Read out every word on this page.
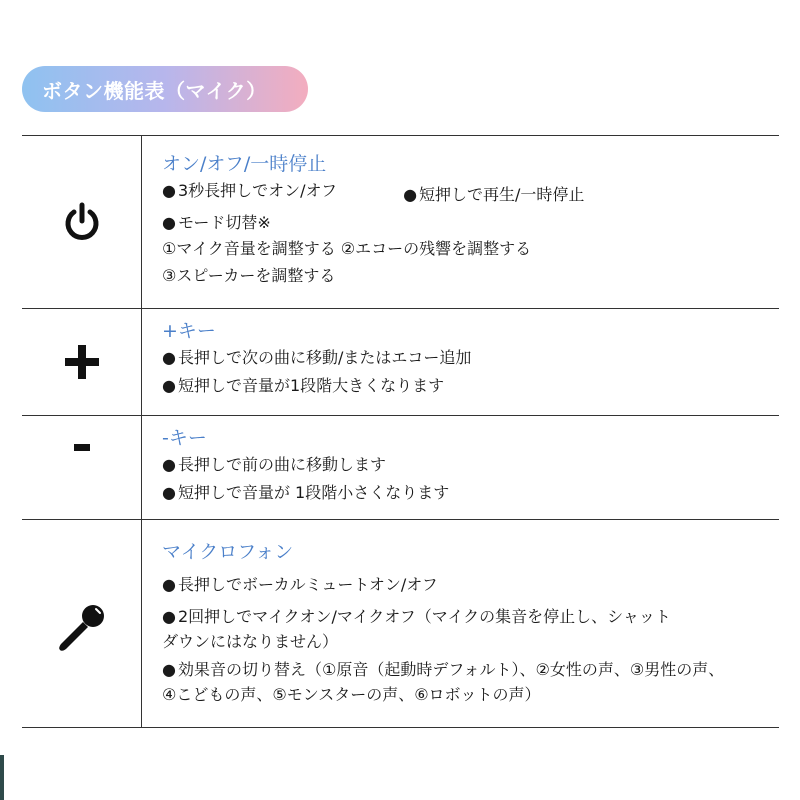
ボタン機能表（マイク）
オン/オフ/一時停止
● 3秒長押しでオン/オフ
●	短押しで再生/一時停止
● モード切替※
①マイク音量を調整する ②エコーの残響を調整する
③スピーカーを調整する
+キー
● 長押しで次の曲に移動/またはエコー追加
● 短押しで音量が1段階大きくなります
-キー
● 長押しで前の曲に移動します
● 短押しで音量が 1段階小さくなります
マイクロフォン
● 長押しでボーカルミュートオン/オフ
● 2回押しでマイクオン/マイクオフ（マイクの集音を停止し、シャット
ダウンにはなりません）
● 効果音の切り替え（①原音（起動時デフォルト）、②女性の声、③男性の声、
④こどもの声、⑤モンスターの声、⑥ロボットの声）
